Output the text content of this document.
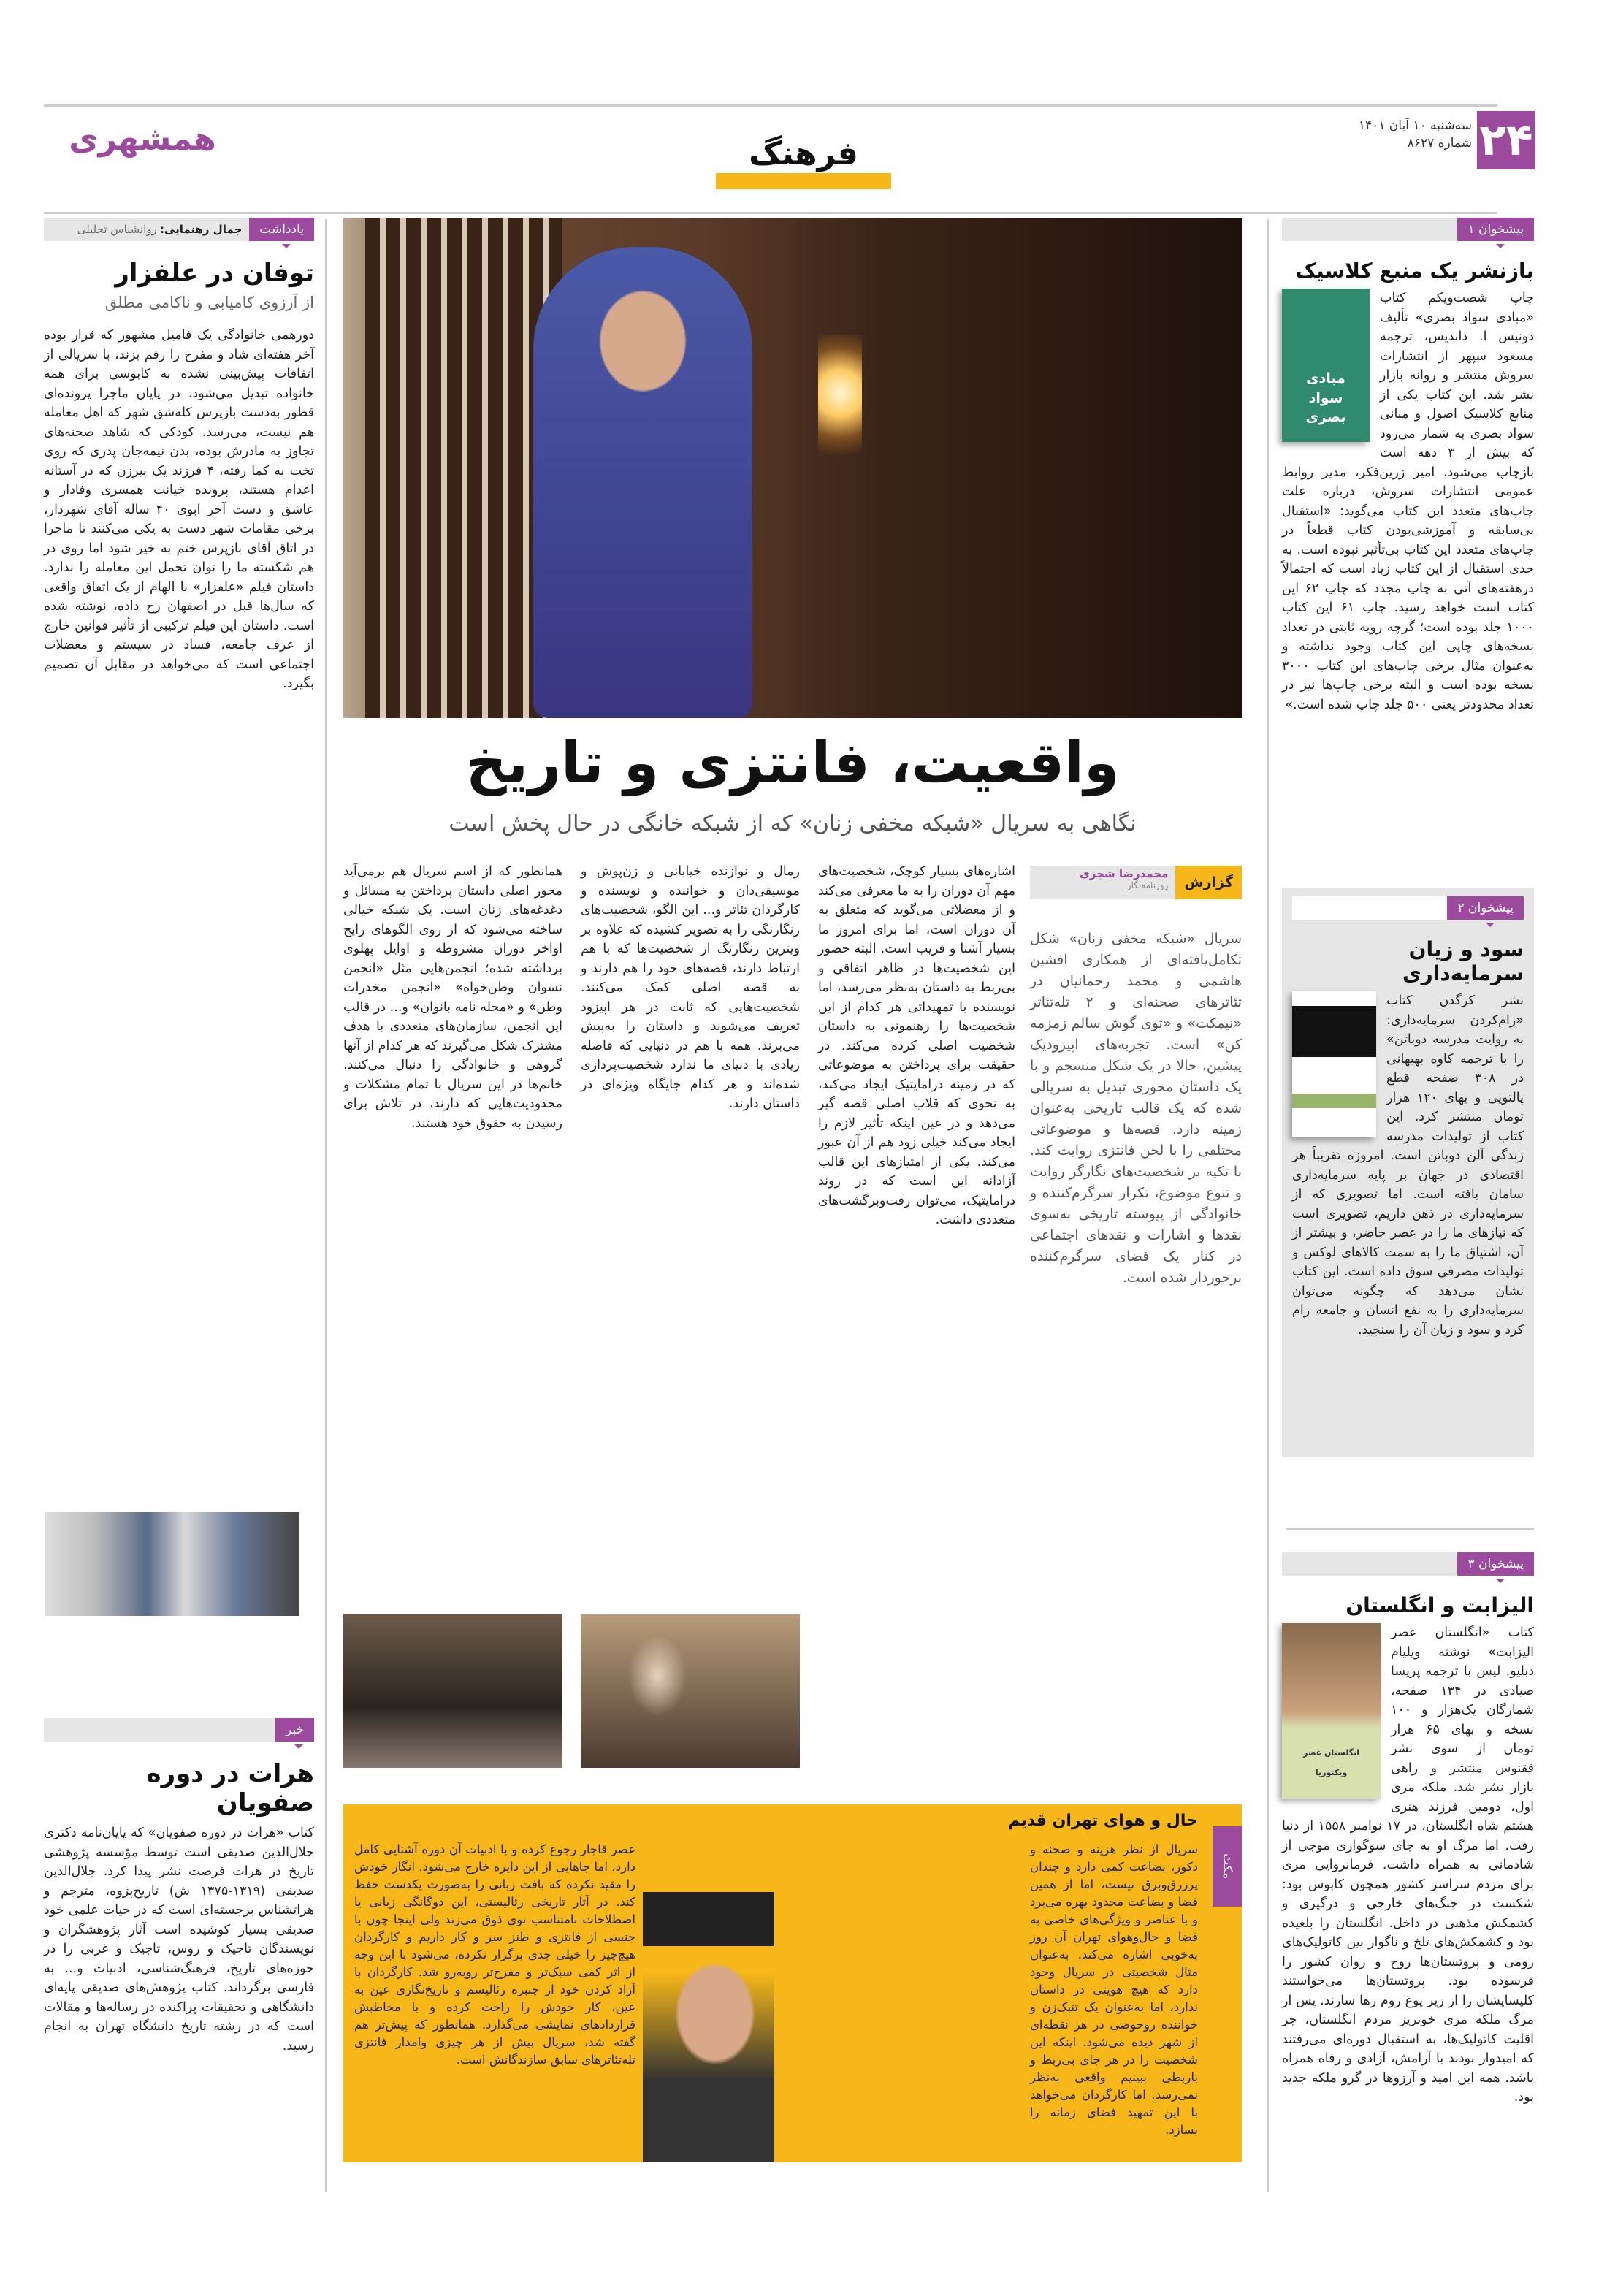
۲۴
سه‌شنبه ۱۰ آبان ۱۴۰۱
شماره ۸۶۲۷
همشهری	فرهنگ
پیشخوان ۱
بازنشر یک منبع کلاسیک
مبادی سواد بصری
چاپ شصت‌ویکم کتاب «مبادی سواد بصری» تألیف دونیس ا. داندیس، ترجمه مسعود سپهر از انتشارات سروش منتشر و روانه بازار نشر شد. این کتاب یکی از منابع کلاسیک اصول و مبانی سواد بصری به شمار می‌رود که بیش از ۳ دهه است بازچاپ می‌شود. امیر زرین‌فکر، مدیر روابط عمومی انتشارات سروش، درباره علت چاپ‌های متعدد این کتاب می‌گوید: «استقبال بی‌سابقه و آموزشی‌بودن کتاب قطعاً در چاپ‌های متعدد این کتاب بی‌تأثیر نبوده است. به حدی استقبال از این کتاب زیاد است که احتمالاً درهفته‌های آتی به چاپ مجدد که چاپ ۶۲ این کتاب است خواهد رسید. چاپ ۶۱ این کتاب ۱۰۰۰ جلد بوده است؛ گرچه رویه ثابتی در تعداد نسخه‌های چاپی این کتاب وجود نداشته و به‌عنوان مثال برخی چاپ‌های این کتاب ۳۰۰۰ نسخه بوده است و البته برخی چاپ‌ها نیز در تعداد محدودتر یعنی ۵۰۰ جلد چاپ شده است.»
پیشخوان ۲
سود و زیان سرمایه‌داری
نشر کرگدن کتاب «رام‌کردن سرمایه‌داری: به روایت مدرسه دوباتن» را با ترجمه کاوه بهبهانی در ۳۰۸ صفحه قطع پالتویی و بهای ۱۲۰ هزار تومان منتشر کرد. این کتاب از تولیدات مدرسه زندگی آلن دوباتن است. امروزه تقریباً هر اقتصادی در جهان بر پایه سرمایه‌داری سامان یافته است. اما تصویری که از سرمایه‌داری در ذهن داریم، تصویری است که نیازهای ما را در عصر حاضر، و بیشتر از آن، اشتیاق ما را به سمت کالاهای لوکس و تولیدات مصرفی سوق داده است. این کتاب نشان می‌دهد که چگونه می‌توان سرمایه‌داری را به نفع انسان و جامعه رام کرد و سود و زیان آن را سنجید.
پیشخوان ۳
الیزابت و انگلستان
انگلستان عصر ویکتوریا
کتاب «انگلستان عصر الیزابت» نوشته ویلیام دبلیو. لیس با ترجمه پریسا صیادی در ۱۳۴ صفحه، شمارگان یک‌هزار و ۱۰۰ نسخه و بهای ۶۵ هزار تومان از سوی نشر ققنوس منتشر و راهی بازار نشر شد. ملکه مری اول، دومین فرزند هنری هشتم شاه انگلستان، در ۱۷ نوامبر ۱۵۵۸ از دنیا رفت. اما مرگ او به جای سوگواری موجی از شادمانی به همراه داشت. فرمانروایی مری برای مردم سراسر کشور همچون کابوس بود: شکست در جنگ‌های خارجی و درگیری و کشمکش مذهبی در داخل. انگلستان را بلعیده بود و کشمکش‌های تلخ و ناگوار بین کاتولیک‌های رومی و پروتستان‌ها روح و روان کشور را فرسوده بود. پروتستان‌ها می‌خواستند کلیسایشان را از زیر یوغ روم رها سازند. پس از مرگ ملکه مری خونریز مردم انگلستان، جز اقلیت کاتولیک‌ها، به استقبال دوره‌ای می‌رفتند که امیدوار بودند با آرامش، آزادی و رفاه همراه باشد. همه این امید و آرزوها در گرو ملکه جدید بود.
واقعیت، فانتزی و تاریخ
نگاهی به سریال «شبکه مخفی زنان» که از شبکه خانگی در حال پخش است
گزارش
محمدرضا شجری
روزنامه‌نگار
سریال «شبکه مخفی زنان» شکل تکامل‌یافته‌ای از همکاری افشین هاشمی و محمد رحمانیان در تئاترهای صحنه‌ای و ۲ تله‌تئاتر «نیمکت» و «توی گوش سالم زمزمه کن» است. تجربه‌های اپیزودیک پیشین، حالا در یک شکل منسجم و با یک داستان محوری تبدیل به سریالی شده که یک قالب تاریخی به‌عنوان زمینه دارد. قصه‌ها و موضوعاتی مختلفی را با لحن فانتزی روایت کند. با تکیه بر شخصیت‌های نگارگر روایت و تنوع موضوع، تکرار سرگرم‌کننده و خانوادگی از پیوسته تاریخی به‌سوی نقدها و اشارات و نقدهای اجتماعی در کنار یک فضای سرگرم‌کننده برخوردار شده است.
اشاره‌های بسیار کوچک، شخصیت‌های مهم آن دوران را به ما معرفی می‌کند و از معضلاتی می‌گوید که متعلق به آن دوران است، اما برای امروز ما بسیار آشنا و قریب است. البته حضور این شخصیت‌ها در ظاهر اتفاقی و بی‌ربط به داستان به‌نظر می‌رسد، اما نویسنده با تمهیداتی هر کدام از این شخصیت‌ها را رهنمونی به داستان شخصیت اصلی کرده می‌کند. در حقیقت برای پرداختن به موضوعاتی که در زمینه درامایتیک ایجاد می‌کند، به نحوی که قلاب اصلی قصه گیر می‌دهد و در عین اینکه تأثیر لازم را ایجاد می‌کند خیلی زود هم از آن عبور می‌کند. یکی از امتیازهای این قالب آزادانه این است که در روند درامایتیک، می‌توان رفت‌وبرگشت‌های متعددی داشت.
رمال و نوازنده خیابانی و زن‌پوش و موسیقی‌دان و خواننده و نویسنده و کارگردان تئاتر و... این الگو، شخصیت‌های رنگارنگی را به تصویر کشیده که علاوه بر ویترین رنگارنگ از شخصیت‌ها که با هم ارتباط دارند، قصه‌های خود را هم دارند و به قصه اصلی کمک می‌کنند. شخصیت‌هایی که ثابت در هر اپیزود تعریف می‌شوند و داستان را به‌پیش می‌برند. همه با هم در دنیایی که فاصله زیادی با دنیای ما ندارد شخصیت‌پردازی شده‌اند و هر کدام جایگاه ویژه‌ای در داستان دارند.
همانطور که از اسم سریال هم برمی‌آید محور اصلی داستان پرداختن به مسائل و دغدغه‌های زنان است. یک شبکه خیالی ساخته می‌شود که از روی الگوهای رایج اواخر دوران مشروطه و اوایل پهلوی برداشته شده؛ انجمن‌هایی مثل «انجمن نسوان وطن‌خواه» «انجمن مخدرات وطن» و «مجله نامه بانوان» و... در قالب این انجمن، سازمان‌های متعددی با هدف مشترک شکل می‌گیرند که هر کدام از آنها گروهی و خانوادگی را دنبال می‌کنند. خانم‌ها در این سریال با تمام مشکلات و محدودیت‌هایی که دارند، در تلاش برای رسیدن به حقوق خود هستند.
مکث
حال و هوای تهران قدیم
سریال از نظر هزینه و صحنه و دکور، بضاعت کمی دارد و چندان پرزرق‌وبرق نیست، اما از همین فضا و بضاعت محدود بهره می‌برد و با عناصر و ویژگی‌های خاصی به فضا و حال‌وهوای تهران آن روز به‌خوبی اشاره می‌کند. به‌عنوان مثال شخصیتی در سریال وجود دارد که هیچ هویتی در داستان ندارد، اما به‌عنوان یک تنبک‌زن و خواننده روحوضی در هر نقطه‌ای از شهر دیده می‌شود. اینکه این شخصیت را در هر جای بی‌ربط و باربطی ببینیم واقعی به‌نظر نمی‌رسد. اما کارگردان می‌خواهد با این تمهید فضای زمانه را بسازد.
عصر قاجار رجوع کرده و با ادبیات آن دوره آشنایی کامل دارد، اما جاهایی از این دایره خارج می‌شود. انگار خودش را مقید نکرده که بافت زبانی را به‌صورت یکدست حفظ کند. در آثار تاریخی رئالیستی، این دوگانگی زبانی یا اصطلاحات نامتناسب توی ذوق می‌زند ولی اینجا چون با جنسی از فانتزی و طنز سر و کار داریم و کارگردان هیچ‌چیز را خیلی جدی برگزار نکرده، می‌شود با این وجه از اثر کمی سبک‌تر و مفرح‌تر روبه‌رو شد. کارگردان با آزاد کردن خود از چنبره رئالیسم و تاریخ‌نگاری عین به عین، کار خودش را راحت کرده و با مخاطبش قراردادهای نمایشی می‌گذارد. همانطور که پیش‌تر هم گفته شد، سریال بیش از هر چیزی وامدار فانتزی تله‌تئاترهای سابق سازندگانش است.
یادداشت
جمال رهنمایی:
روانشناس تحلیلی
توفان در علفزار
از آرزوی کامیابی و ناکامی مطلق
دورهمی خانوادگی یک فامیل مشهور که قرار بوده آخر هفته‌ای شاد و مفرح را رقم بزند، با سریالی از اتفاقات پیش‌بینی نشده به کابوسی برای همه خانواده تبدیل می‌شود. در پایان ماجرا پرونده‌ای قطور به‌دست بازپرس کله‌شق شهر که اهل معامله هم نیست، می‌رسد. کودکی که شاهد صحنه‌های تجاوز به مادرش بوده، بدن نیمه‌جان پدری که روی تخت به کما رفته، ۴ فرزند یک پیرزن که در آستانه اعدام هستند، پرونده خیانت همسری وفادار و عاشق و دست آخر ابوی ۴۰ ساله آقای شهردار، برخی مقامات شهر دست به یکی می‌کنند تا ماجرا در اتاق آقای بازپرس ختم به خیر شود اما روی در هم شکسته ما را توان تحمل این معامله را ندارد. داستان فیلم «علفزار» با الهام از یک اتفاق واقعی که سال‌ها قبل در اصفهان رخ داده، نوشته شده است. داستان این فیلم ترکیبی از تأثیر قوانین خارج از عرف جامعه، فساد در سیستم و معضلات اجتماعی است که می‌خواهد در مقابل آن تصمیم بگیرد.
خبر
هرات در دوره صفویان
کتاب «هرات در دوره صفویان» که پایان‌نامه دکتری جلال‌الدین صدیقی است توسط مؤسسه پژوهشی تاریخ در هرات فرصت نشر پیدا کرد. جلال‌الدین صدیقی (۱۳۱۹-۱۳۷۵ ش) تاریخ‌پژوه، مترجم و هراتشناس برجسته‌ای است که در حیات علمی خود صدیقی بسیار کوشیده است آثار پژوهشگران و نویسندگان تاجیک و روس، تاجیک و غربی را در حوزه‌های تاریخ، فرهنگ‌شناسی، ادبیات و... به فارسی برگرداند. کتاب پژوهش‌های صدیقی پایه‌ای دانشگاهی و تحقیقات پراکنده در رساله‌ها و مقالات است که در رشته تاریخ دانشگاه تهران به انجام رسید.
